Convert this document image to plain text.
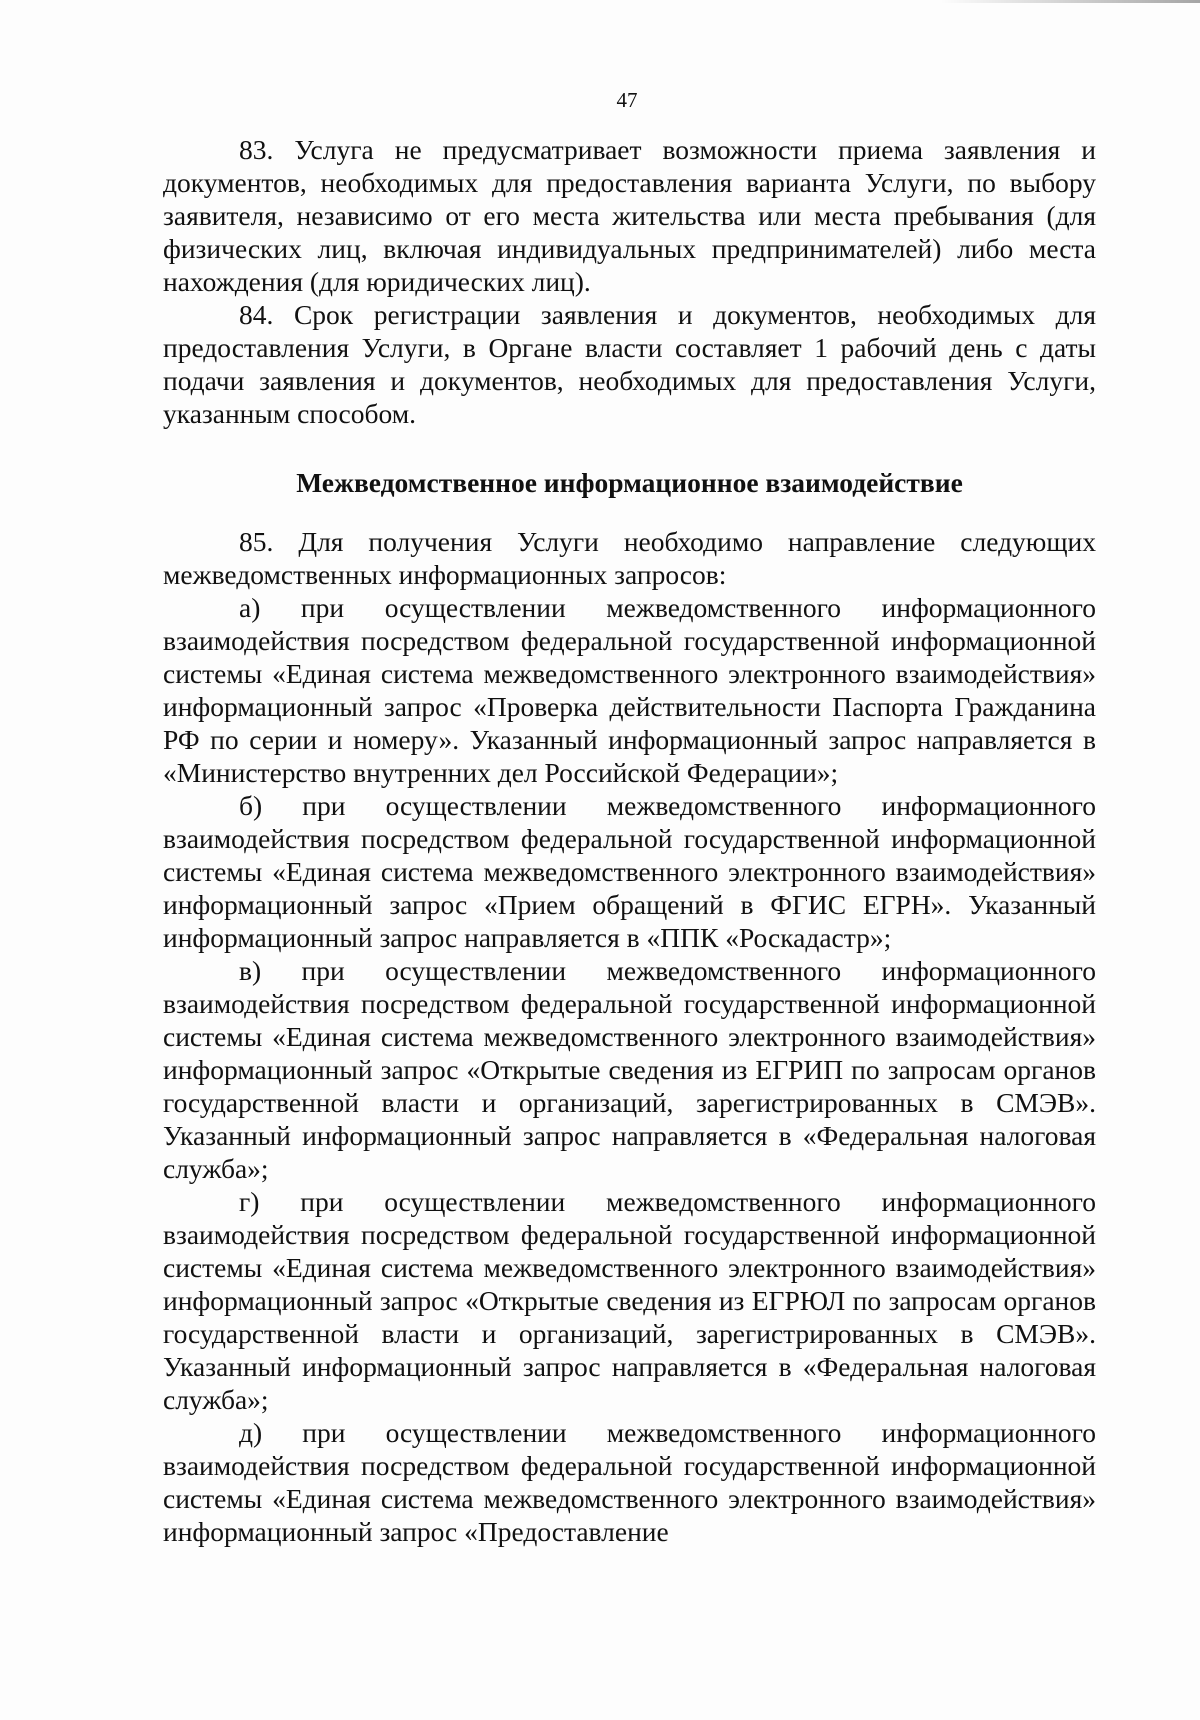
47

83. Услуга не предусматривает возможности приема заявления и документов, необходимых для предоставления варианта Услуги, по выбору заявителя, независимо от его места жительства или места пребывания (для физических лиц, включая индивидуальных предпринимателей) либо места нахождения (для юридических лиц).

84. Срок регистрации заявления и документов, необходимых для предоставления Услуги, в Органе власти составляет 1 рабочий день с даты подачи заявления и документов, необходимых для предоставления Услуги, указанным способом.

Межведомственное информационное взаимодействие

85. Для получения Услуги необходимо направление следующих межведомственных информационных запросов:

а) при осуществлении межведомственного информационного взаимодействия посредством федеральной государственной информационной системы «Единая система межведомственного электронного взаимодействия» информационный запрос «Проверка действительности Паспорта Гражданина РФ по серии и номеру». Указанный информационный запрос направляется в «Министерство внутренних дел Российской Федерации»;

б) при осуществлении межведомственного информационного взаимодействия посредством федеральной государственной информационной системы «Единая система межведомственного электронного взаимодействия» информационный запрос «Прием обращений в ФГИС ЕГРН». Указанный информационный запрос направляется в «ППК «Роскадастр»;

в) при осуществлении межведомственного информационного взаимодействия посредством федеральной государственной информационной системы «Единая система межведомственного электронного взаимодействия» информационный запрос «Открытые сведения из ЕГРИП по запросам органов государственной власти и организаций, зарегистрированных в СМЭВ». Указанный информационный запрос направляется в «Федеральная налоговая служба»;

г) при осуществлении межведомственного информационного взаимодействия посредством федеральной государственной информационной системы «Единая система межведомственного электронного взаимодействия» информационный запрос «Открытые сведения из ЕГРЮЛ по запросам органов государственной власти и организаций, зарегистрированных в СМЭВ». Указанный информационный запрос направляется в «Федеральная налоговая служба»;

д) при осуществлении межведомственного информационного взаимодействия посредством федеральной государственной информационной системы «Единая система межведомственного электронного взаимодействия» информационный запрос «Предоставление
